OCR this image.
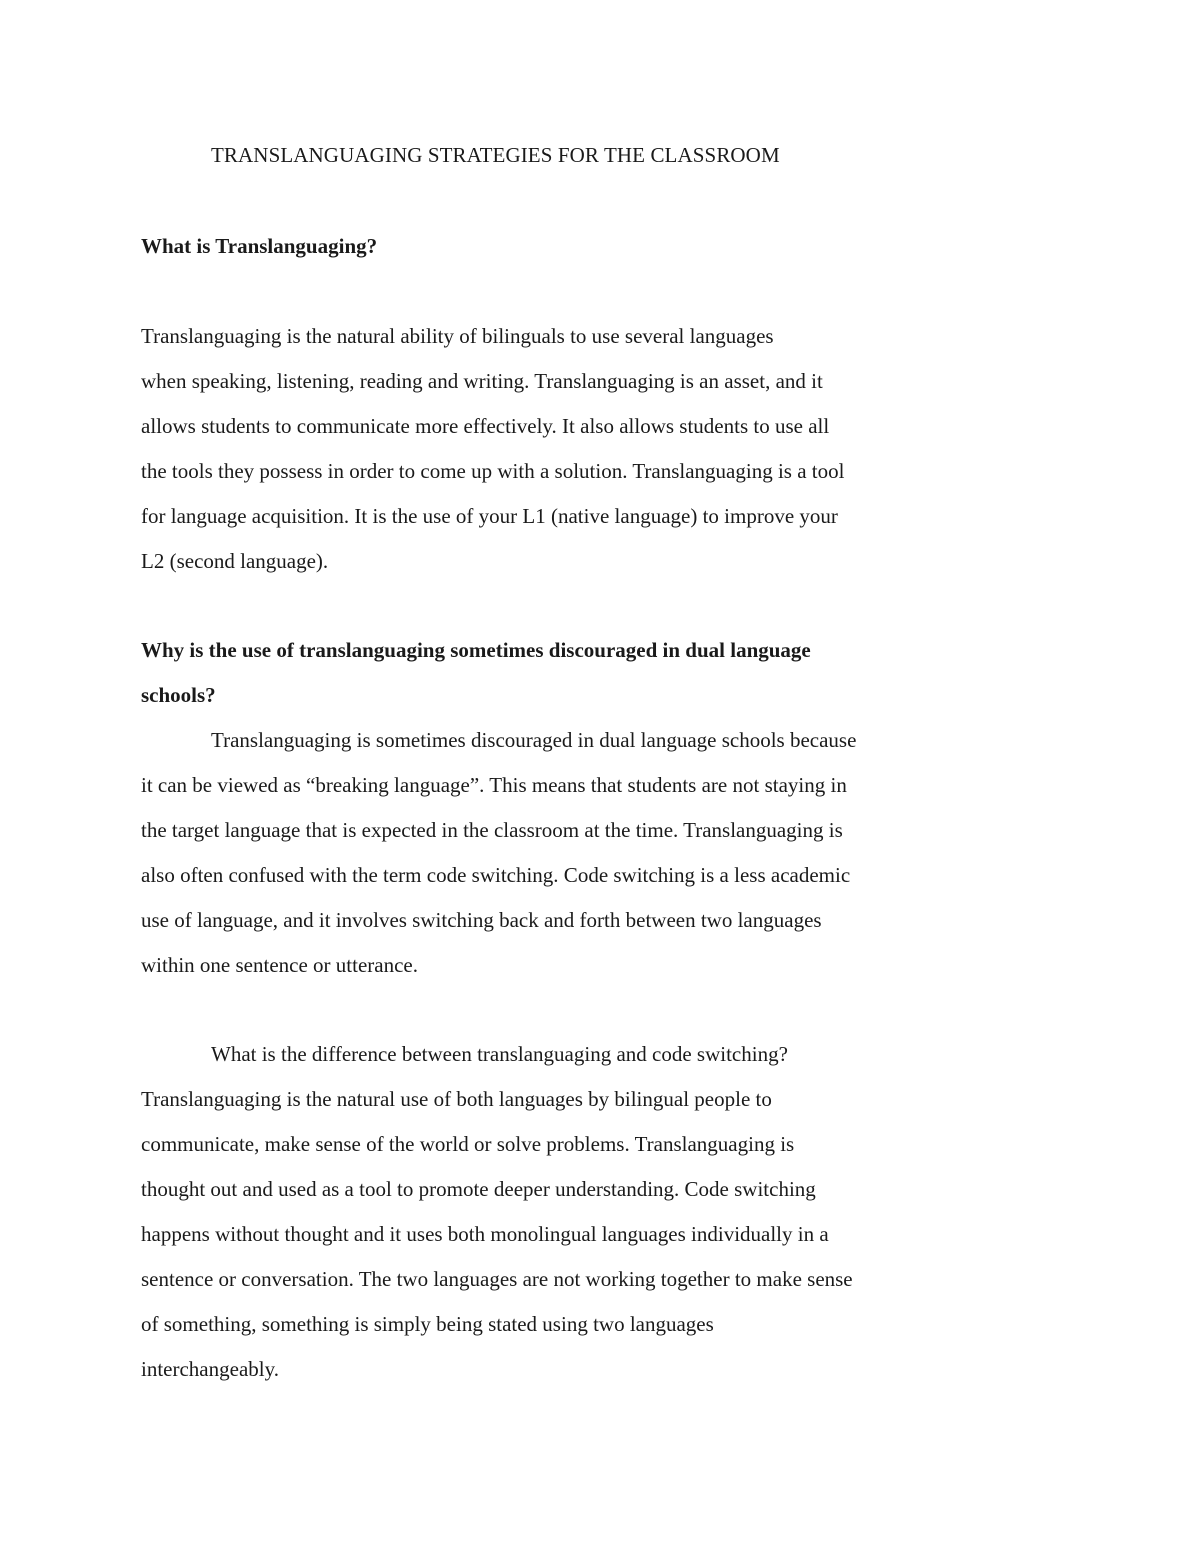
TRANSLANGUAGING STRATEGIES FOR THE CLASSROOM
What is Translanguaging?
Translanguaging is the natural ability of bilinguals to use several languages
when speaking, listening, reading and writing. Translanguaging is an asset, and it
allows students to communicate more effectively. It also allows students to use all
the tools they possess in order to come up with a solution. Translanguaging is a tool
for language acquisition. It is the use of your L1 (native language) to improve your
L2 (second language).
Why is the use of translanguaging sometimes discouraged in dual language
schools?
Translanguaging is sometimes discouraged in dual language schools because
it can be viewed as “breaking language”. This means that students are not staying in
the target language that is expected in the classroom at the time. Translanguaging is
also often confused with the term code switching. Code switching is a less academic
use of language, and it involves switching back and forth between two languages
within one sentence or utterance.
What is the difference between translanguaging and code switching?
Translanguaging is the natural use of both languages by bilingual people to
communicate, make sense of the world or solve problems. Translanguaging is
thought out and used as a tool to promote deeper understanding. Code switching
happens without thought and it uses both monolingual languages individually in a
sentence or conversation. The two languages are not working together to make sense
of something, something is simply being stated using two languages
interchangeably.
